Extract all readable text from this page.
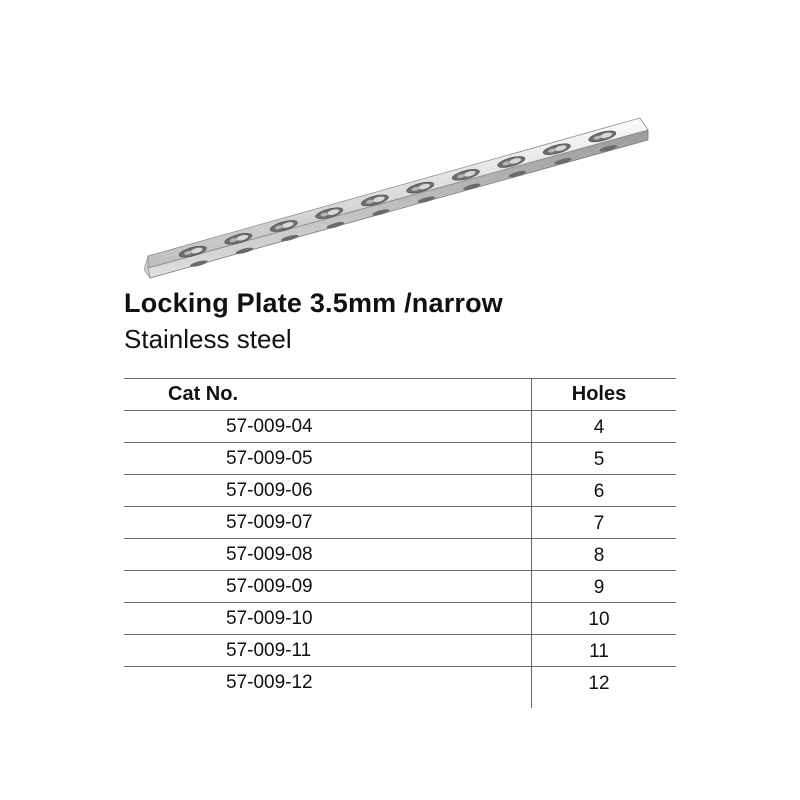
Locking Plate 3.5mm /narrow
Stainless steel
Cat No.	Holes
57-009-04	4
57-009-05	5
57-009-06	6
57-009-07	7
57-009-08	8
57-009-09	9
57-009-10	10
57-009-11	11
57-009-12	12
